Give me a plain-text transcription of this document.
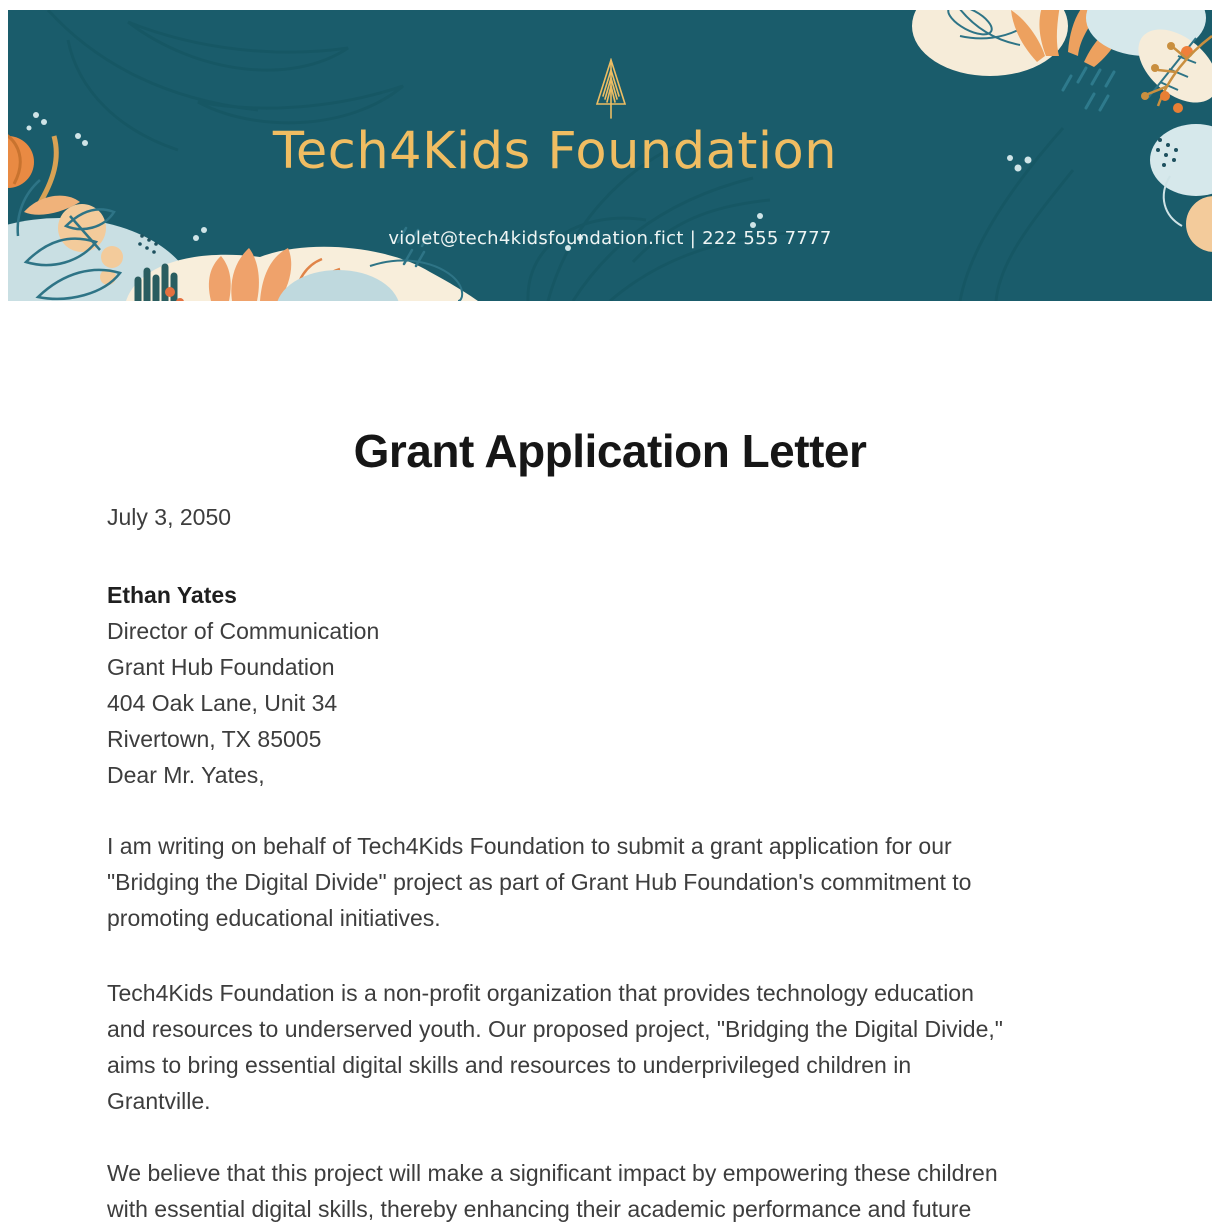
Tech4Kids Foundation
violet@tech4kidsfoundation.fict | 222 555 7777
Grant Application Letter
July 3, 2050
Ethan Yates
Director of Communication
Grant Hub Foundation
404 Oak Lane, Unit 34
Rivertown, TX 85005
Dear Mr. Yates,
I am writing on behalf of Tech4Kids Foundation to submit a grant application for our
"Bridging the Digital Divide" project as part of Grant Hub Foundation's commitment to
promoting educational initiatives.
Tech4Kids Foundation is a non-profit organization that provides technology education
and resources to underserved youth. Our proposed project, "Bridging the Digital Divide,"
aims to bring essential digital skills and resources to underprivileged children in
Grantville.
We believe that this project will make a significant impact by empowering these children
with essential digital skills, thereby enhancing their academic performance and future
